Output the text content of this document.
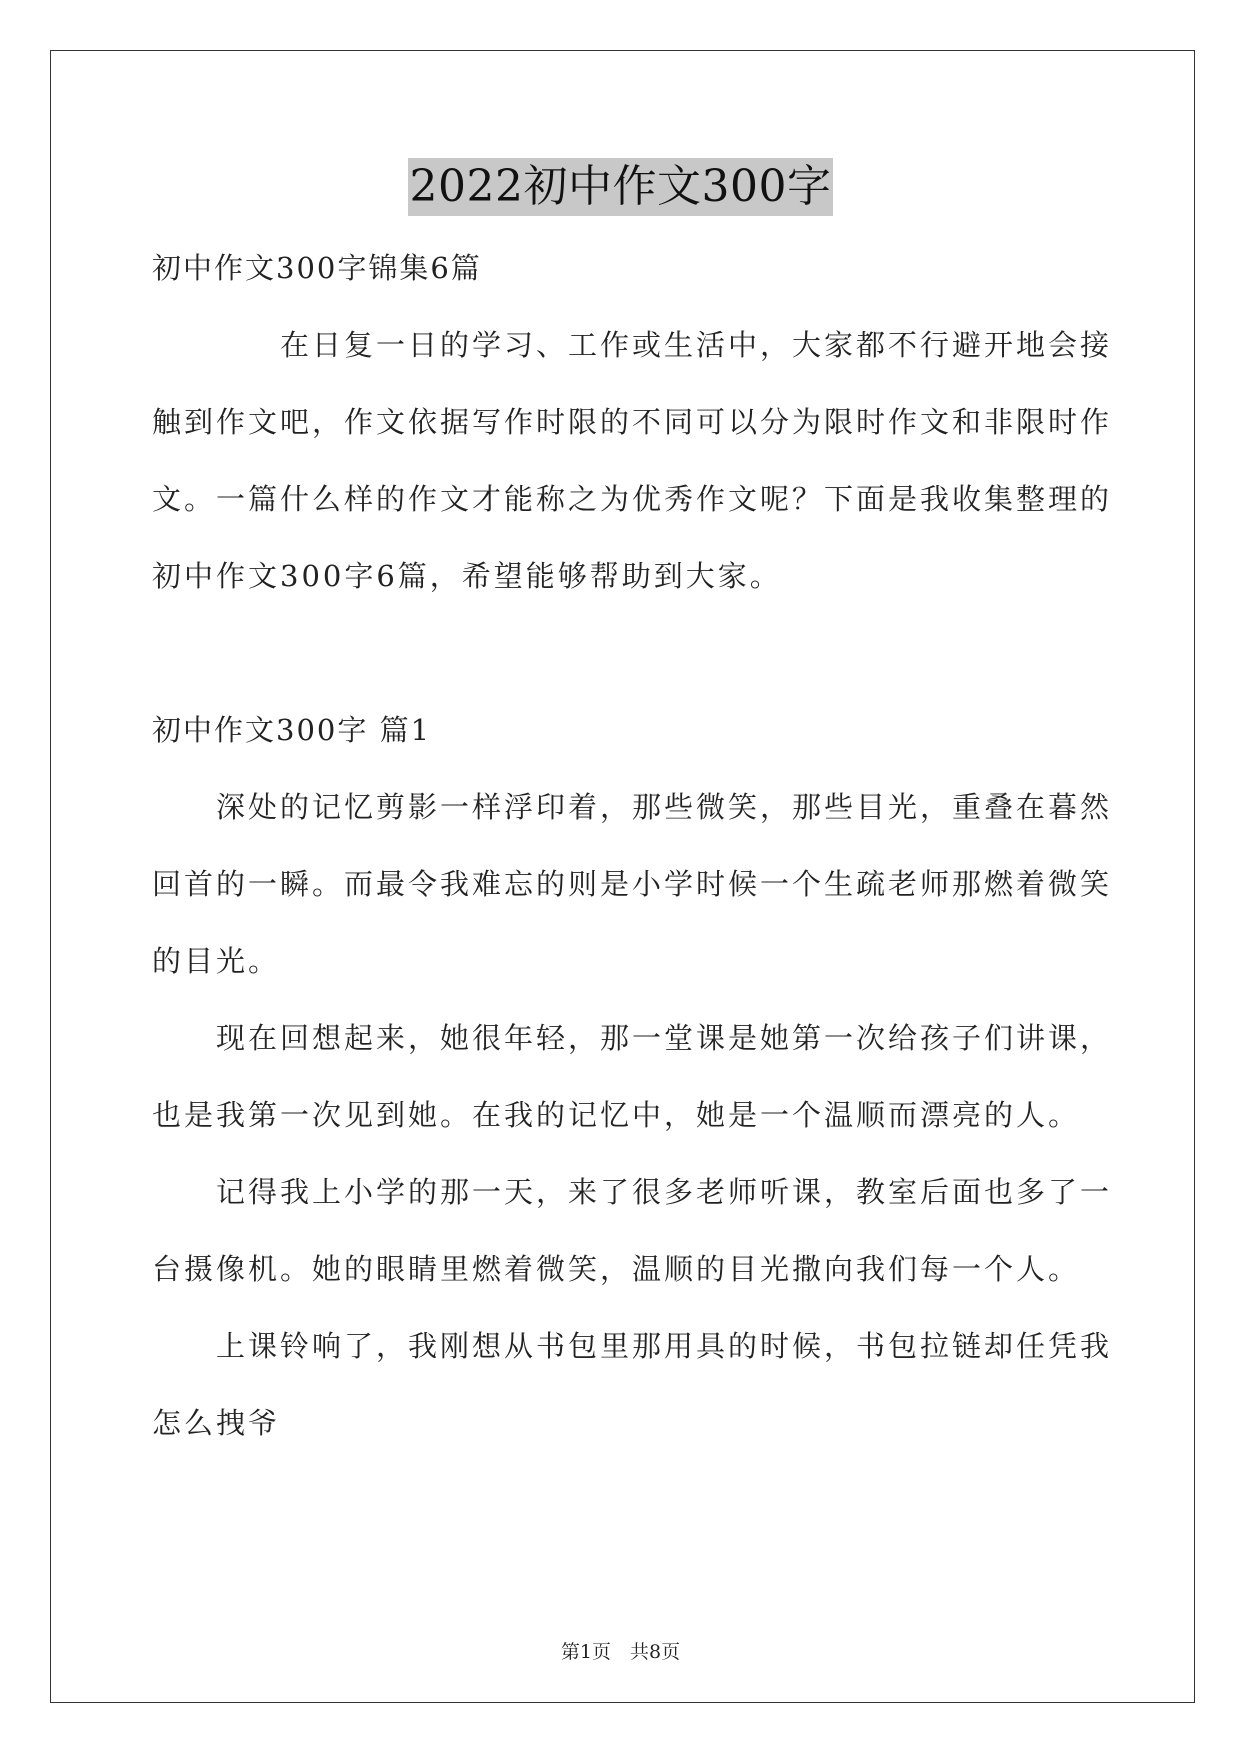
2022初中作文300字
初中作文300字锦集6篇
　　　　在日复一日的学习、工作或生活中，大家都不行避开地会接
触到作文吧，作文依据写作时限的不同可以分为限时作文和非限时作
文。一篇什么样的作文才能称之为优秀作文呢？下面是我收集整理的
初中作文300字6篇，希望能够帮助到大家。
初中作文300字 篇1
　　深处的记忆剪影一样浮印着，那些微笑，那些目光，重叠在暮然
回首的一瞬。而最令我难忘的则是小学时候一个生疏老师那燃着微笑
的目光。
　　现在回想起来，她很年轻，那一堂课是她第一次给孩子们讲课，
也是我第一次见到她。在我的记忆中，她是一个温顺而漂亮的人。
　　记得我上小学的那一天，来了很多老师听课，教室后面也多了一
台摄像机。她的眼睛里燃着微笑，温顺的目光撒向我们每一个人。
　　上课铃响了，我刚想从书包里那用具的时候，书包拉链却任凭我
怎么拽爷
第1页　共8页
